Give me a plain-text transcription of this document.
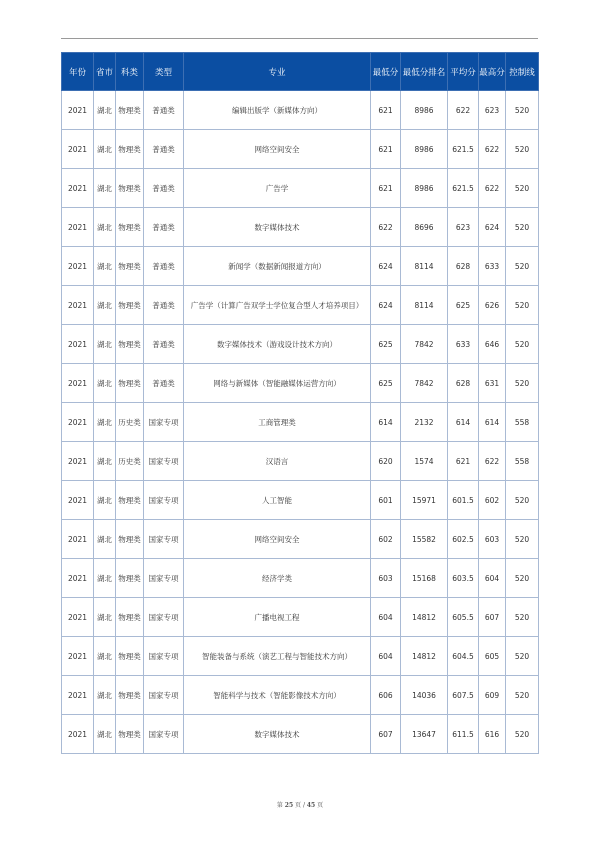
年份	省市	科类	类型	专业	最低分	最低分排名	平均分	最高分	控制线
2021	湖北	物理类	普通类	编辑出版学（新媒体方向）	621	8986	622	623	520
2021	湖北	物理类	普通类	网络空间安全	621	8986	621.5	622	520
2021	湖北	物理类	普通类	广告学	621	8986	621.5	622	520
2021	湖北	物理类	普通类	数字媒体技术	622	8696	623	624	520
2021	湖北	物理类	普通类	新闻学（数据新闻报道方向）	624	8114	628	633	520
2021	湖北	物理类	普通类	广告学（计算广告双学士学位复合型人才培养项目）	624	8114	625	626	520
2021	湖北	物理类	普通类	数字媒体技术（游戏设计技术方向）	625	7842	633	646	520
2021	湖北	物理类	普通类	网络与新媒体（智能融媒体运营方向）	625	7842	628	631	520
2021	湖北	历史类	国家专项	工商管理类	614	2132	614	614	558
2021	湖北	历史类	国家专项	汉语言	620	1574	621	622	558
2021	湖北	物理类	国家专项	人工智能	601	15971	601.5	602	520
2021	湖北	物理类	国家专项	网络空间安全	602	15582	602.5	603	520
2021	湖北	物理类	国家专项	经济学类	603	15168	603.5	604	520
2021	湖北	物理类	国家专项	广播电视工程	604	14812	605.5	607	520
2021	湖北	物理类	国家专项	智能装备与系统（演艺工程与智能技术方向）	604	14812	604.5	605	520
2021	湖北	物理类	国家专项	智能科学与技术（智能影像技术方向）	606	14036	607.5	609	520
2021	湖北	物理类	国家专项	数字媒体技术	607	13647	611.5	616	520
第 25 页 / 45 页
